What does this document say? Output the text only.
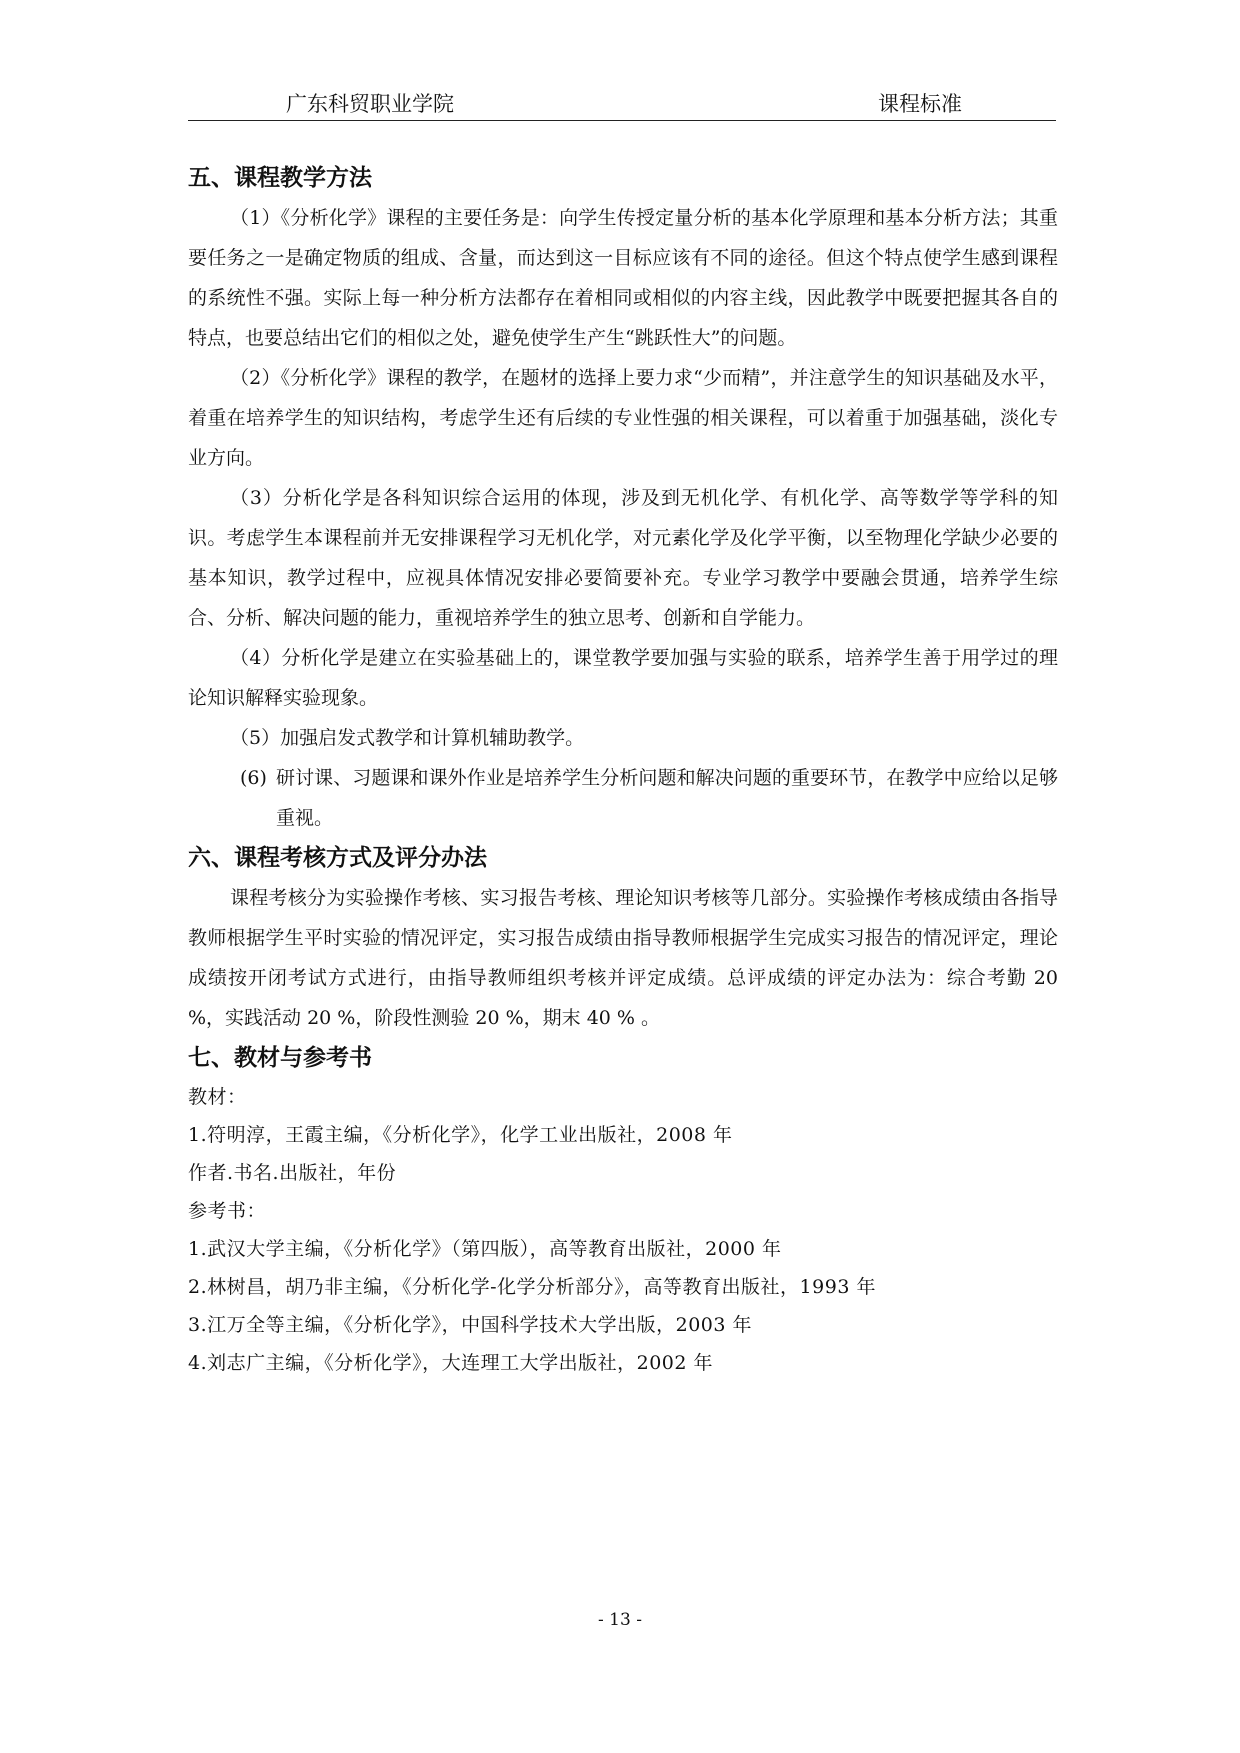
广东科贸职业学院	课程标准
五、课程教学方法

（1）《分析化学》课程的主要任务是：向学生传授定量分析的基本化学原理和基本分析方法；其重要任务之一是确定物质的组成、含量，而达到这一目标应该有不同的途径。但这个特点使学生感到课程的系统性不强。实际上每一种分析方法都存在着相同或相似的内容主线，因此教学中既要把握其各自的特点，也要总结出它们的相似之处，避免使学生产生“跳跃性大”的问题。

（2）《分析化学》课程的教学，在题材的选择上要力求“少而精”，并注意学生的知识基础及水平，着重在培养学生的知识结构，考虑学生还有后续的专业性强的相关课程，可以着重于加强基础，淡化专业方向。

（3）分析化学是各科知识综合运用的体现，涉及到无机化学、有机化学、高等数学等学科的知识。考虑学生本课程前并无安排课程学习无机化学，对元素化学及化学平衡，以至物理化学缺少必要的基本知识，教学过程中，应视具体情况安排必要简要补充。专业学习教学中要融会贯通，培养学生综合、分析、解决问题的能力，重视培养学生的独立思考、创新和自学能力。

（4）分析化学是建立在实验基础上的，课堂教学要加强与实验的联系，培养学生善于用学过的理论知识解释实验现象。

（5）加强启发式教学和计算机辅助教学。

(6) 研讨课、习题课和课外作业是培养学生分析问题和解决问题的重要环节，在教学中应给以足够重视。

六、课程考核方式及评分办法

课程考核分为实验操作考核、实习报告考核、理论知识考核等几部分。实验操作考核成绩由各指导教师根据学生平时实验的情况评定，实习报告成绩由指导教师根据学生完成实习报告的情况评定，理论成绩按开闭考试方式进行，由指导教师组织考核并评定成绩。总评成绩的评定办法为：综合考勤 20 %，实践活动 20 %，阶段性测验 20 %，期末 40 % 。

七、教材与参考书

教材：

1.符明淳，王霞主编，《分析化学》，化学工业出版社，2008 年

作者.书名.出版社，年份

参考书：

1.武汉大学主编，《分析化学》（第四版），高等教育出版社，2000 年

2.林树昌，胡乃非主编，《分析化学-化学分析部分》，高等教育出版社，1993 年

3.江万全等主编，《分析化学》，中国科学技术大学出版，2003 年

4.刘志广主编，《分析化学》，大连理工大学出版社，2002 年

- 13 -
